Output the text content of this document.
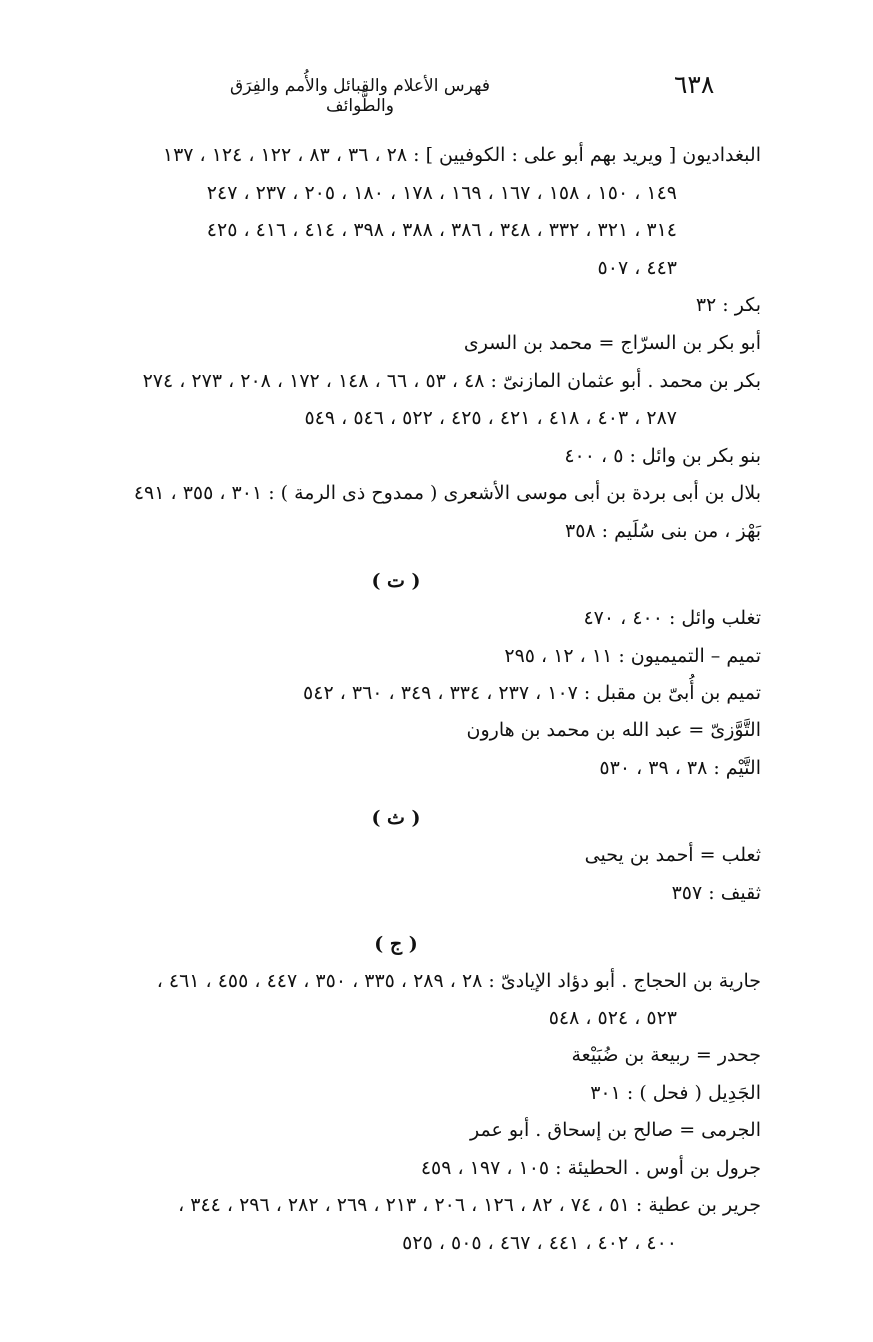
٦٣٨
فهرس الأعلام والقبائل والأُمم والفِرَق والطَّوائف
البغداديون [ ويريد بهم أبو على : الكوفيين ] : ٢٨ ، ٣٦ ، ٨٣ ، ١٢٢ ، ١٢٤ ، ١٣٧
١٤٩ ، ١٥٠ ، ١٥٨ ، ١٦٧ ، ١٦٩ ، ١٧٨ ، ١٨٠ ، ٢٠٥ ، ٢٣٧ ، ٢٤٧
٣١٤ ، ٣٢١ ، ٣٣٢ ، ٣٤٨ ، ٣٨٦ ، ٣٨٨ ، ٣٩٨ ، ٤١٤ ، ٤١٦ ، ٤٢٥
٤٤٣ ، ٥٠٧
بكر : ٣٢
أبو بكر بن السرّاج = محمد بن السرى
بكر بن محمد . أبو عثمان المازنىّ : ٤٨ ، ٥٣ ، ٦٦ ، ١٤٨ ، ١٧٢ ، ٢٠٨ ، ٢٧٣ ، ٢٧٤
٢٨٧ ، ٤٠٣ ، ٤١٨ ، ٤٢١ ، ٤٢٥ ، ٥٢٢ ، ٥٤٦ ، ٥٤٩
بنو بكر بن وائل : ٥ ، ٤٠٠
بلال بن أبى بردة بن أبى موسى الأشعرى ( ممدوح ذى الرمة ) : ٣٠١ ، ٣٥٥ ، ٤٩١
بَهْز ، من بنى سُلَيم : ٣٥٨
( ت )
تغلب وائل : ٤٠٠ ، ٤٧٠
تميم – التميميون : ١١ ، ١٢ ، ٢٩٥
تميم بن أُبىّ بن مقبل : ١٠٧ ، ٢٣٧ ، ٣٣٤ ، ٣٤٩ ، ٣٦٠ ، ٥٤٢
التَّوَّزىّ = عبد الله بن محمد بن هارون
التَّيْم : ٣٨ ، ٣٩ ، ٥٣٠
( ث )
ثعلب = أحمد بن يحيى
ثقيف : ٣٥٧
( ج )
جارية بن الحجاج . أبو دؤاد الإيادىّ : ٢٨ ، ٢٨٩ ، ٣٣٥ ، ٣٥٠ ، ٤٤٧ ، ٤٥٥ ، ٤٦١ ،
٥٢٣ ، ٥٢٤ ، ٥٤٨
جحدر = ربيعة بن ضُبَيْعة
الجَدِيل ( فحل ) : ٣٠١
الجرمى = صالح بن إسحاق . أبو عمر
جرول بن أوس . الحطيئة : ١٠٥ ، ١٩٧ ، ٤٥٩
جرير بن عطية : ٥١ ، ٧٤ ، ٨٢ ، ١٢٦ ، ٢٠٦ ، ٢١٣ ، ٢٦٩ ، ٢٨٢ ، ٢٩٦ ، ٣٤٤ ،
٤٠٠ ، ٤٠٢ ، ٤٤١ ، ٤٦٧ ، ٥٠٥ ، ٥٢٥
